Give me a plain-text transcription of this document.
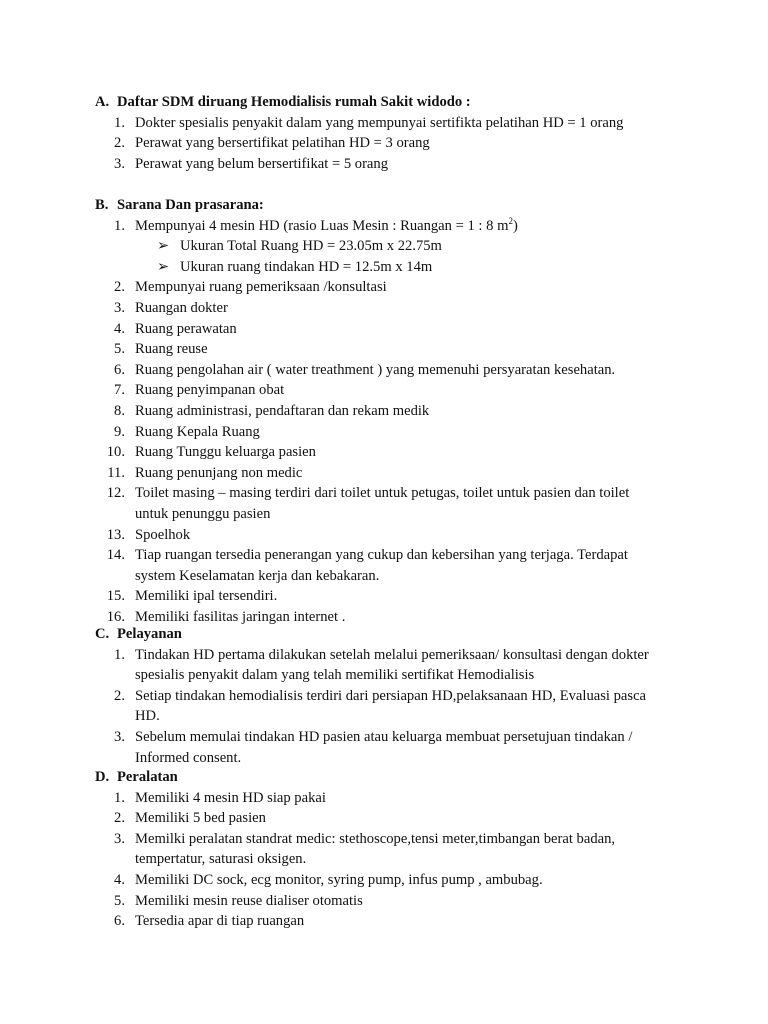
A. Daftar SDM diruang Hemodialisis rumah Sakit widodo :
1. Dokter spesialis penyakit dalam yang mempunyai sertifikta pelatihan HD = 1 orang
2. Perawat yang bersertifikat pelatihan HD = 3 orang
3. Perawat yang belum bersertifikat = 5 orang
B. Sarana Dan prasarana:
1. Mempunyai 4 mesin HD (rasio Luas Mesin : Ruangan = 1 : 8 $m^2$)
➢ Ukuran Total Ruang HD = 23.05m x 22.75m
➢ Ukuran ruang tindakan HD = 12.5m x 14m
2. Mempunyai ruang pemeriksaan /konsultasi
3. Ruangan dokter
4. Ruang perawatan
5. Ruang reuse
6. Ruang pengolahan air ( water treathment ) yang memenuhi persyaratan kesehatan.
7. Ruang penyimpanan obat
8. Ruang administrasi, pendaftaran dan rekam medik
9. Ruang Kepala Ruang
10. Ruang Tunggu keluarga pasien
11. Ruang penunjang non medic
12. Toilet masing – masing terdiri dari toilet untuk petugas, toilet untuk pasien dan toilet untuk penunggu pasien
13. Spoelhok
14. Tiap ruangan tersedia penerangan yang cukup dan kebersihan yang terjaga. Terdapat system Keselamatan kerja dan kebakaran.
15. Memiliki ipal tersendiri.
16. Memiliki fasilitas jaringan internet .
C. Pelayanan
1. Tindakan HD pertama dilakukan setelah melalui pemeriksaan/ konsultasi dengan dokter spesialis penyakit dalam yang telah memiliki sertifikat Hemodialisis
2. Setiap tindakan hemodialisis terdiri dari persiapan HD,pelaksanaan HD, Evaluasi pasca HD.
3. Sebelum memulai tindakan HD pasien atau keluarga membuat persetujuan tindakan / Informed consent.
D. Peralatan
1. Memiliki 4 mesin HD siap pakai
2. Memiliki 5 bed pasien
3. Memilki peralatan standrat medic: stethoscope,tensi meter,timbangan berat badan, tempertatur, saturasi oksigen.
4. Memiliki DC sock, ecg monitor, syring pump, infus pump , ambubag.
5. Memiliki mesin reuse dialiser otomatis
6. Tersedia apar di tiap ruangan
